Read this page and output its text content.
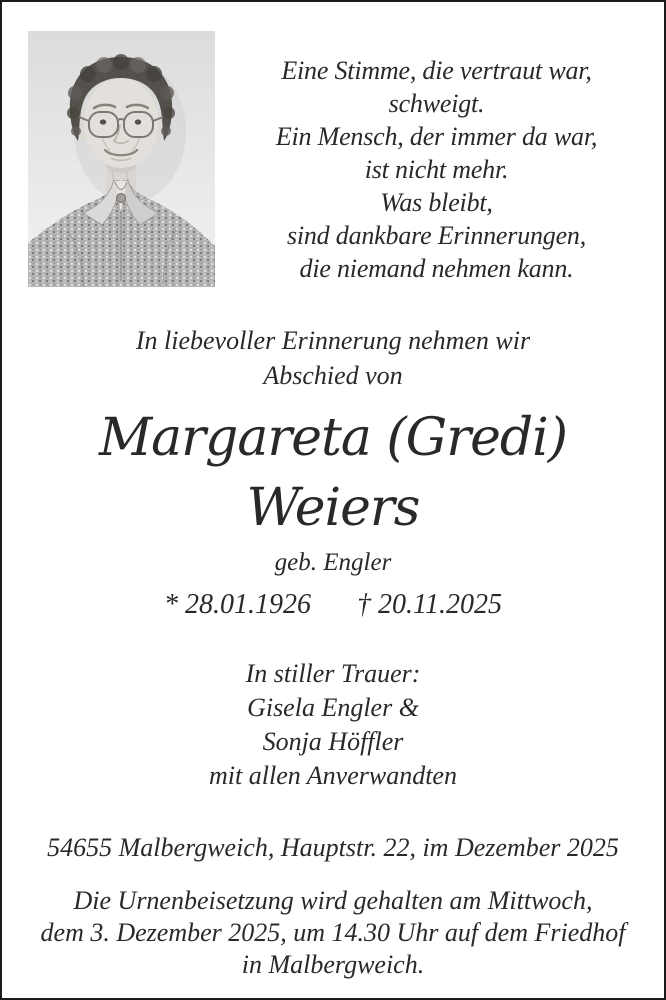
Eine Stimme, die vertraut war,
schweigt.
Ein Mensch, der immer da war,
ist nicht mehr.
Was bleibt,
sind dankbare Erinnerungen,
die niemand nehmen kann.
In liebevoller Erinnerung nehmen wir
Abschied von
Margareta (Gredi)
Weiers
geb. Engler
* 28.01.1926 † 20.11.2025
In stiller Trauer:
Gisela Engler &
Sonja Höffler
mit allen Anverwandten
54655 Malbergweich, Hauptstr. 22, im Dezember 2025
Die Urnenbeisetzung wird gehalten am Mittwoch,
dem 3. Dezember 2025, um 14.30 Uhr auf dem Friedhof
in Malbergweich.
